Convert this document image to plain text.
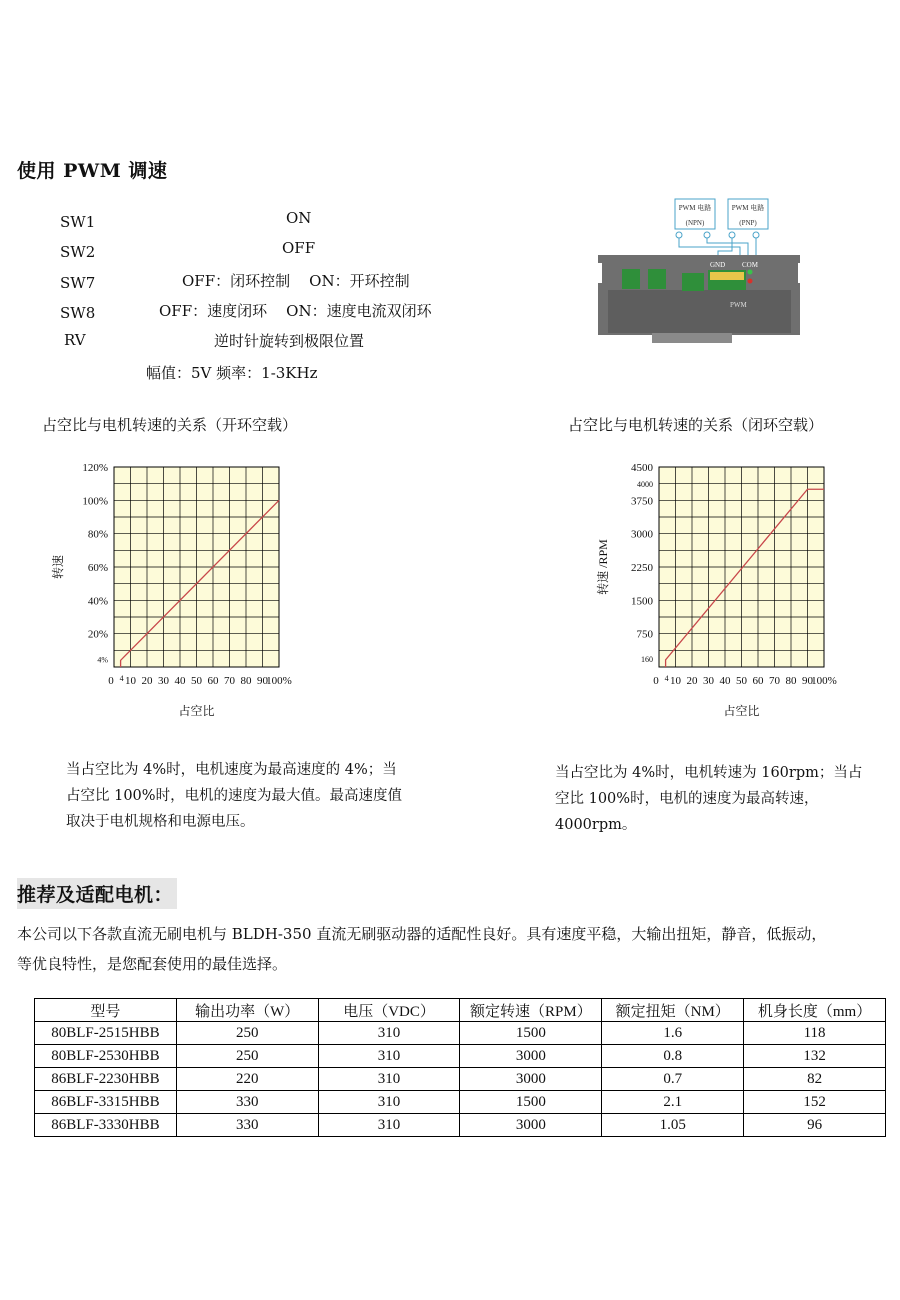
使用 PWM 调速
SW1	ON
SW2	OFF
SW7	OFF：闭环控制    ON：开环控制
SW8	OFF：速度闭环    ON：速度电流双闭环
RV	逆时针旋转到极限位置
幅值：5V 频率：1-3KHz
PWM 电路
(NPN)
PWM 电路
(PNP)
GND COM
PWM
占空比与电机转速的关系（开环空载）	占空比与电机转速的关系（闭环空载）
0 4 10 20 30 40 50 60 70 80 90
100%
4%
20%
40%
60%
80%
100%
120%
占空比
转速
0 4 10 20 30 40 50 60 70 80 90
100%
160
750
1500
2250
3000
3750
4000
4500
占空比
转速 /RPM
当占空比为 4%时，电机速度为最高速度的 4%；当
占空比 100%时，电机的速度为最大值。最高速度值
取决于电机规格和电源电压。
当占空比为 4%时，电机转速为 160rpm；当占
空比 100%时，电机的速度为最高转速，
4000rpm。
推荐及适配电机：
本公司以下各款直流无刷电机与 BLDH-350 直流无刷驱动器的适配性良好。具有速度平稳，大输出扭矩，静音，低振动，
等优良特性，是您配套使用的最佳选择。
型号	输出功率（W）	电压（VDC）	额定转速（RPM）	额定扭矩（NM）	机身长度（mm）
80BLF-2515HBB	250	310	1500	1.6	118
80BLF-2530HBB	250	310	3000	0.8	132
86BLF-2230HBB	220	310	3000	0.7	82
86BLF-3315HBB	330	310	1500	2.1	152
86BLF-3330HBB	330	310	3000	1.05	96
